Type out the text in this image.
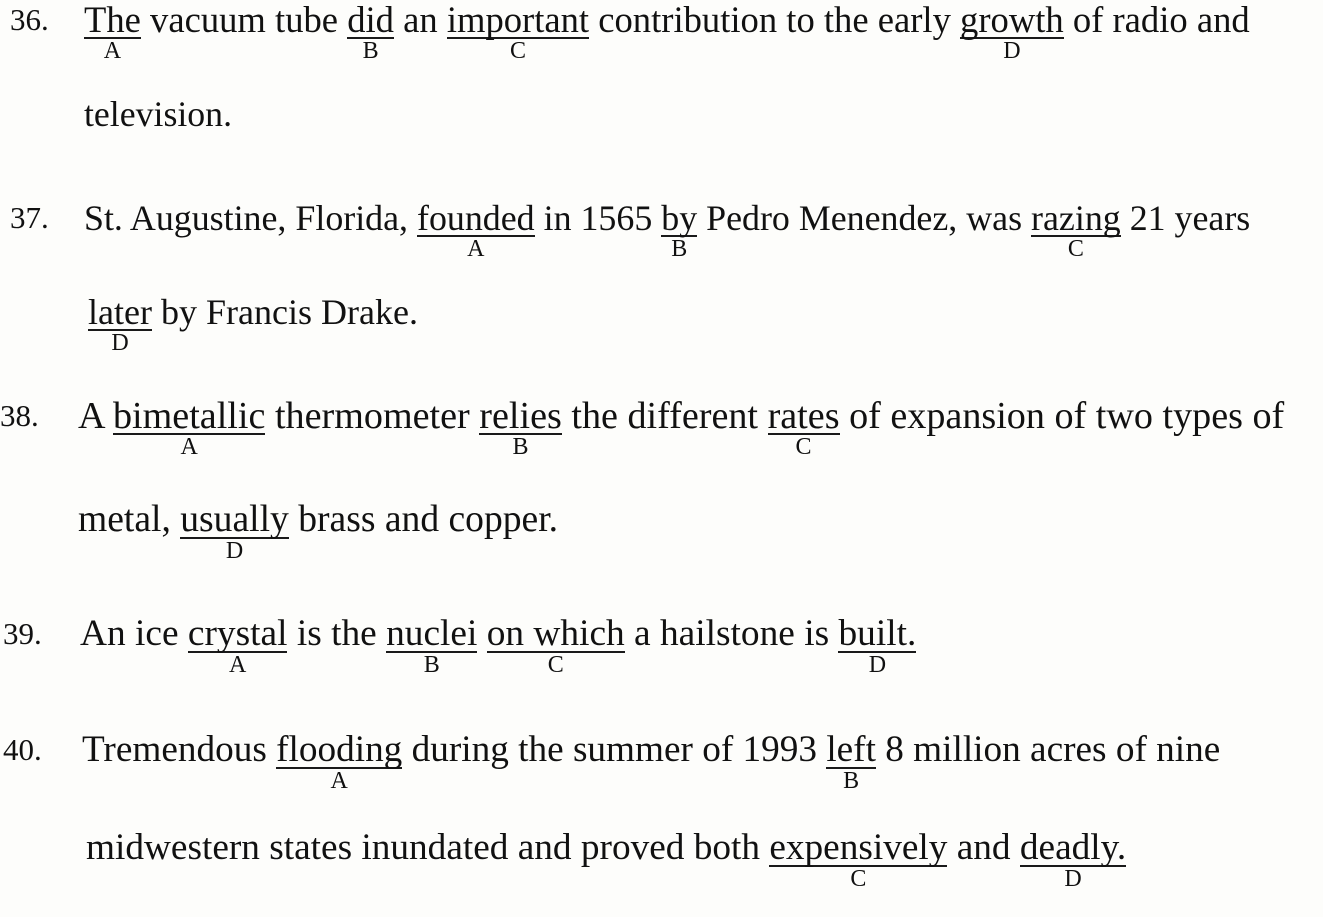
36. The
A
vacuum tube did
B
an important
C
contribution to the early growth
D
of radio and
television.
37. St. Augustine, Florida, founded
A
in 1565 by
B
Pedro Menendez, was razing
C
21 years
later
D
by Francis Drake.
38. A bimetallic
A
thermometer relies
B
the different rates
C
of expansion of two types of
metal, usually
D
brass and copper.
39. An ice crystal
A
is the nuclei
B
on which
C
a hailstone is built.
D
40. Tremendous flooding
A
during the summer of 1993 left
B
8 million acres of nine
midwestern states inundated and proved both expensively
C
and deadly.
D
